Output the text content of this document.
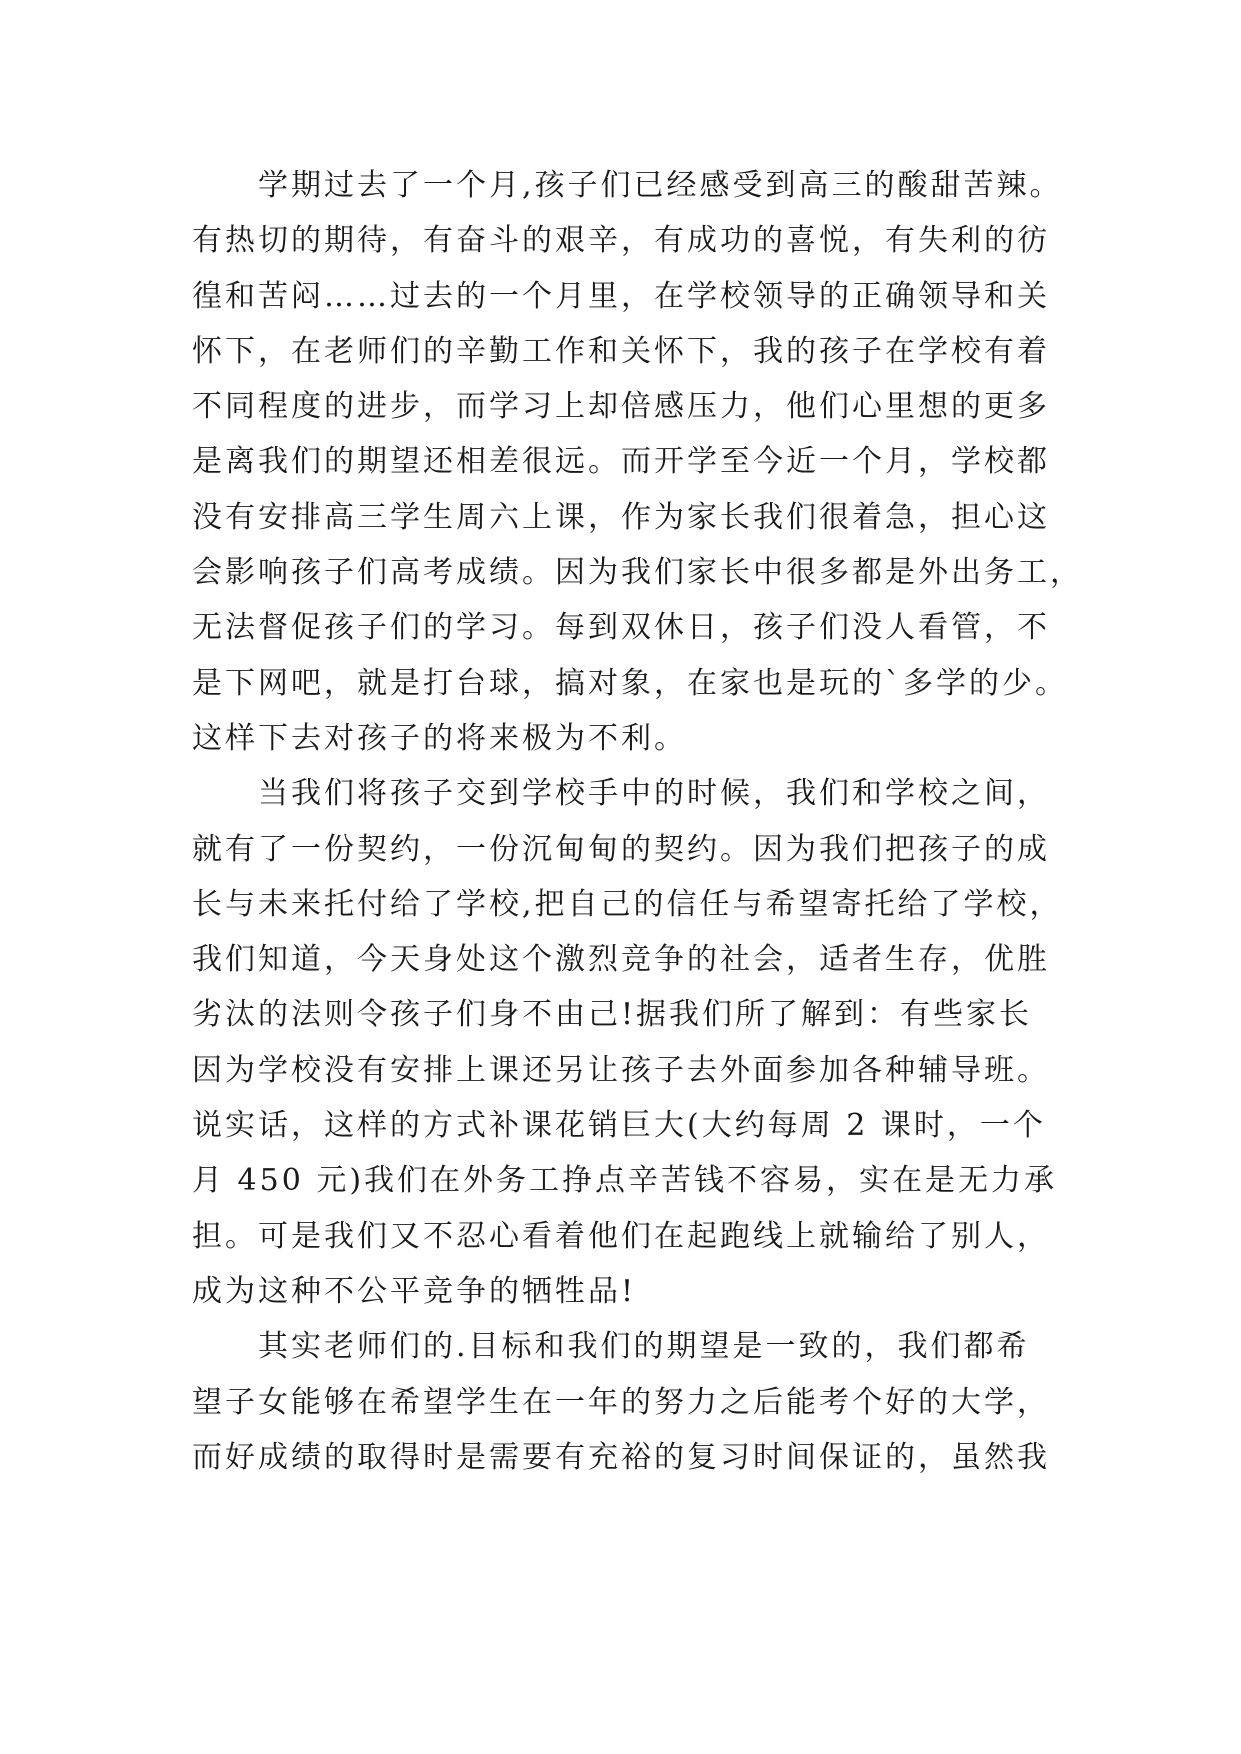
学期过去了一个月,孩子们已经感受到高三的酸甜苦辣。
有热切的期待，有奋斗的艰辛，有成功的喜悦，有失利的彷
徨和苦闷……过去的一个月里，在学校领导的正确领导和关
怀下，在老师们的辛勤工作和关怀下，我的孩子在学校有着
不同程度的进步，而学习上却倍感压力，他们心里想的更多
是离我们的期望还相差很远。而开学至今近一个月，学校都
没有安排高三学生周六上课，作为家长我们很着急，担心这
会影响孩子们高考成绩。因为我们家长中很多都是外出务工，
无法督促孩子们的学习。每到双休日，孩子们没人看管，不
是下网吧，就是打台球，搞对象，在家也是玩的`多学的少。
这样下去对孩子的将来极为不利。
当我们将孩子交到学校手中的时候，我们和学校之间，
就有了一份契约，一份沉甸甸的契约。因为我们把孩子的成
长与未来托付给了学校,把自己的信任与希望寄托给了学校，
我们知道，今天身处这个激烈竞争的社会，适者生存，优胜
劣汰的法则令孩子们身不由己!据我们所了解到：有些家长
因为学校没有安排上课还另让孩子去外面参加各种辅导班。
说实话，这样的方式补课花销巨大(大约每周 2 课时，一个
月 450 元)我们在外务工挣点辛苦钱不容易，实在是无力承
担。可是我们又不忍心看着他们在起跑线上就输给了别人，
成为这种不公平竞争的牺牲品!
其实老师们的.目标和我们的期望是一致的，我们都希
望子女能够在希望学生在一年的努力之后能考个好的大学，
而好成绩的取得时是需要有充裕的复习时间保证的，虽然我
